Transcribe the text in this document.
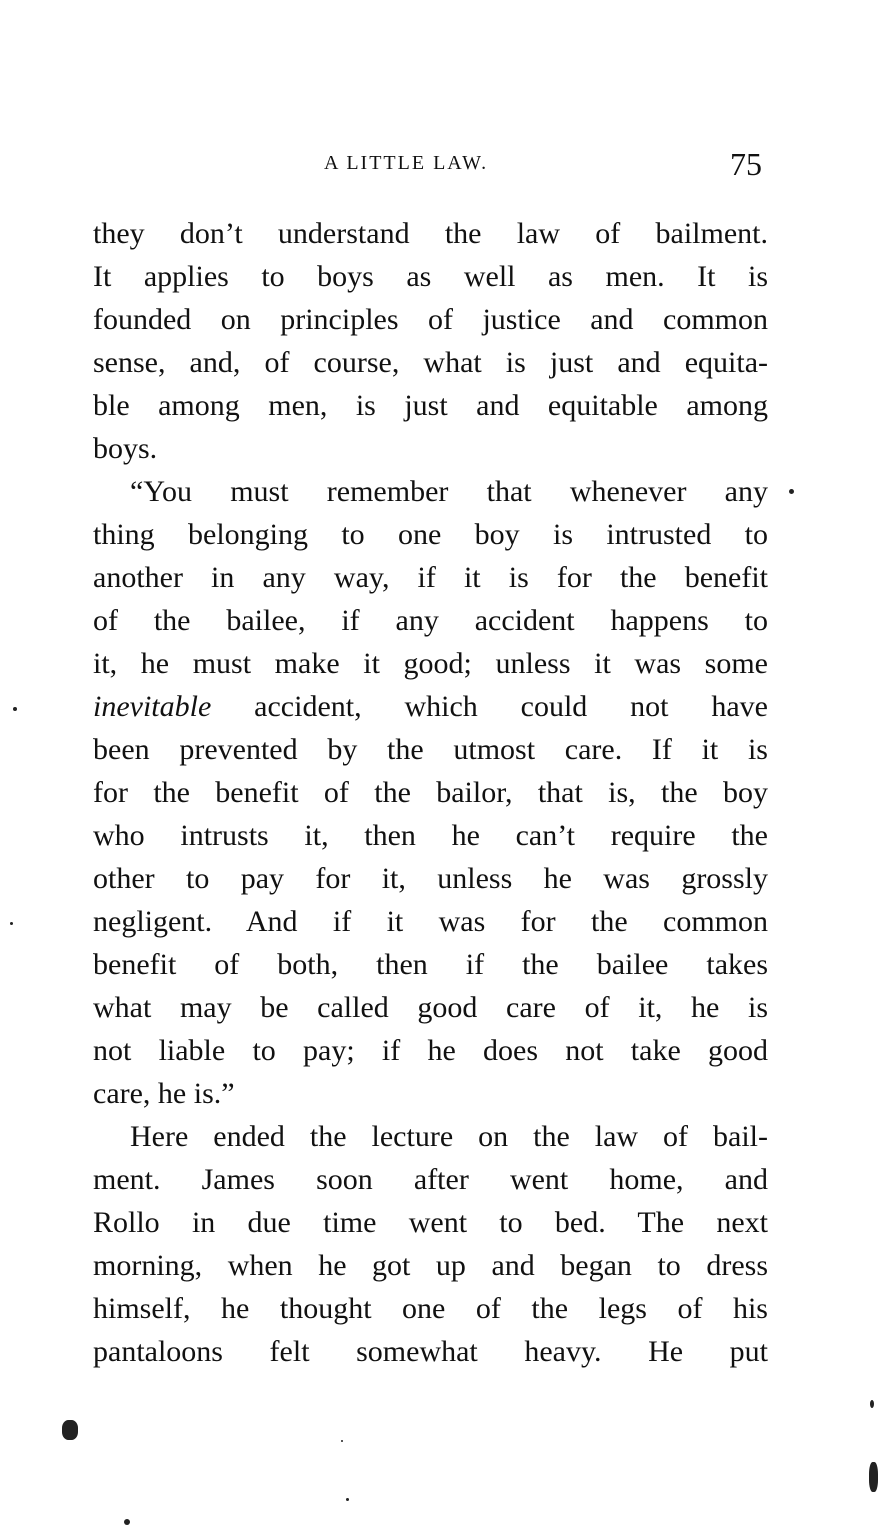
A LITTLE LAW.	75
they don’t understand the law of bailment.
It applies to boys as well as men. It is
founded on principles of justice and common
sense, and, of course, what is just and equita-
ble among men, is just and equitable among
boys.
“You must remember that whenever any
thing belonging to one boy is intrusted to
another in any way, if it is for the benefit
of the bailee, if any accident happens to
it, he must make it good; unless it was some
inevitable accident, which could not have
been prevented by the utmost care. If it is
for the benefit of the bailor, that is, the boy
who intrusts it, then he can’t require the
other to pay for it, unless he was grossly
negligent. And if it was for the common
benefit of both, then if the bailee takes
what may be called good care of it, he is
not liable to pay; if he does not take good
care, he is.”
Here ended the lecture on the law of bail-
ment. James soon after went home, and
Rollo in due time went to bed. The next
morning, when he got up and began to dress
himself, he thought one of the legs of his
pantaloons felt somewhat heavy. He put
